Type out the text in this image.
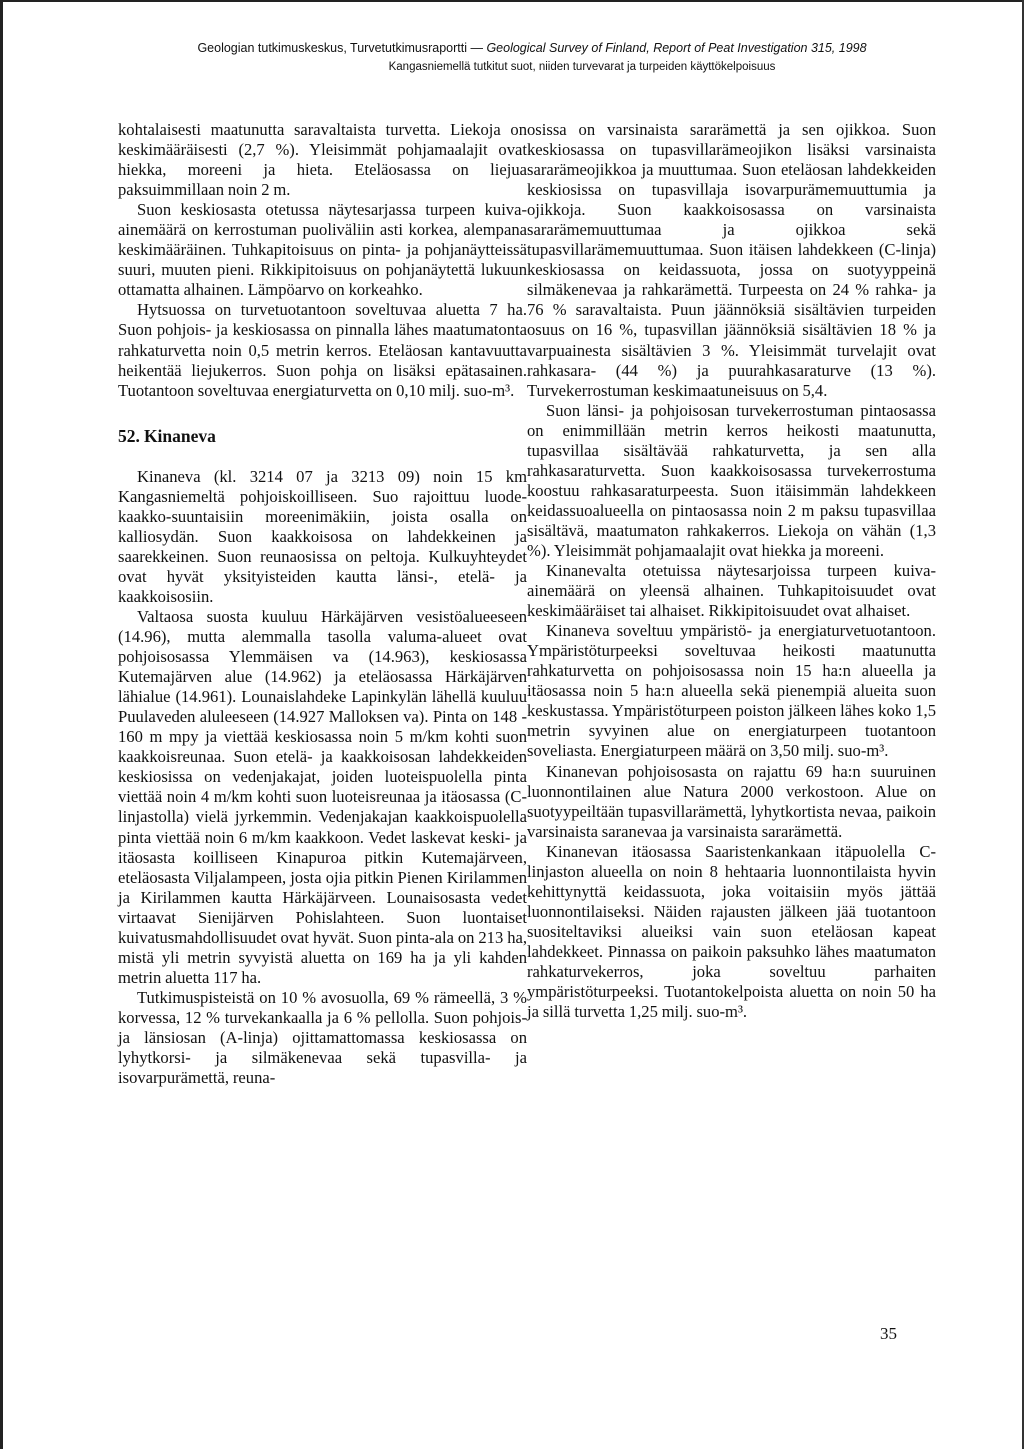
Geologian tutkimuskeskus, Turvetutkimusraportti — Geological Survey of Finland, Report of Peat Investigation 315, 1998
Kangasniemellä tutkitut suot, niiden turvevarat ja turpeiden käyttökelpoisuus

kohtalaisesti maatunutta saravaltaista turvetta. Liekoja on keskimääräisesti (2,7 %). Yleisimmät pohjamaalajit ovat hiekka, moreeni ja hieta. Eteläosassa on liejua paksuimmillaan noin 2 m.

Suon keskiosasta otetussa näytesarjassa turpeen kuiva-ainemäärä on kerrostuman puoliväliin asti korkea, alempana keskimääräinen. Tuhkapitoisuus on pinta- ja pohjanäytteissä suuri, muuten pieni. Rikkipitoisuus on pohjanäytettä lukuun ottamatta alhainen. Lämpöarvo on korkeahko.

Hytsuossa on turvetuotantoon soveltuvaa aluetta 7 ha. Suon pohjois- ja keskiosassa on pinnalla lähes maatumatonta rahkaturvetta noin 0,5 metrin kerros. Eteläosan kantavuutta heikentää liejukerros. Suon pohja on lisäksi epätasainen. Tuotantoon soveltuvaa energiaturvetta on 0,10 milj. suo-m³.

52. Kinaneva

Kinaneva (kl. 3214 07 ja 3213 09) noin 15 km Kangasniemeltä pohjoiskoilliseen. Suo rajoittuu luode-kaakko-suuntaisiin moreenimäkiin, joista osalla on kalliosydän. Suon kaakkoisosa on lahdekkeinen ja saarekkeinen. Suon reunaosissa on peltoja. Kulkuyhteydet ovat hyvät yksityisteiden kautta länsi-, etelä- ja kaakkoisosiin.

Valtaosa suosta kuuluu Härkäjärven vesistöalueeseen (14.96), mutta alemmalla tasolla valuma-alueet ovat pohjoisosassa Ylemmäisen va (14.963), keskiosassa Kutemajärven alue (14.962) ja eteläosassa Härkäjärven lähialue (14.961). Lounaislahdeke Lapinkylän lähellä kuuluu Puulaveden aluleeseen (14.927 Malloksen va). Pinta on 148 - 160 m mpy ja viettää keskiosassa noin 5 m/km kohti suon kaakkoisreunaa. Suon etelä- ja kaakkoisosan lahdekkeiden keskiosissa on vedenjakajat, joiden luoteispuolella pinta viettää noin 4 m/km kohti suon luoteisreunaa ja itäosassa (C-linjastolla) vielä jyrkemmin. Vedenjakajan kaakkoispuolella pinta viettää noin 6 m/km kaakkoon. Vedet laskevat keski- ja itäosasta koilliseen Kinapuroa pitkin Kutemajärveen, eteläosasta Viljalampeen, josta ojia pitkin Pienen Kirilammen ja Kirilammen kautta Härkäjärveen. Lounaisosasta vedet virtaavat Sienijärven Pohislahteen. Suon luontaiset kuivatusmahdollisuudet ovat hyvät. Suon pinta-ala on 213 ha, mistä yli metrin syvyistä aluetta on 169 ha ja yli kahden metrin aluetta 117 ha.

Tutkimuspisteistä on 10 % avosuolla, 69 % rämeellä, 3 % korvessa, 12 % turvekankaalla ja 6 % pellolla. Suon pohjois- ja länsiosan (A-linja) ojittamattomassa keskiosassa on lyhytkorsi- ja silmäkenevaa sekä tupasvilla- ja isovarpurämettä, reuna-

osissa on varsinaista sararämettä ja sen ojikkoa. Suon keskiosassa on tupasvillarämeojikon lisäksi varsinaista sararämeojikkoa ja muuttumaa. Suon eteläosan lahdekkeiden keskiosissa on tupasvillaja isovarpurämemuuttumia ja ojikkoja. Suon kaakkoisosassa on varsinaista sararämemuuttumaa ja ojikkoa sekä tupasvillarämemuuttumaa. Suon itäisen lahdekkeen (C-linja) keskiosassa on keidassuota, jossa on suotyyppeinä silmäkenevaa ja rahkarämettä. Turpeesta on 24 % rahka- ja 76 % saravaltaista. Puun jäännöksiä sisältävien turpeiden osuus on 16 %, tupasvillan jäännöksiä sisältävien 18 % ja varpuainesta sisältävien 3 %. Yleisimmät turvelajit ovat rahkasara- (44 %) ja puurahkasaraturve (13 %). Turvekerrostuman keskimaatuneisuus on 5,4.

Suon länsi- ja pohjoisosan turvekerrostuman pintaosassa on enimmillään metrin kerros heikosti maatunutta, tupasvillaa sisältävää rahkaturvetta, ja sen alla rahkasaraturvetta. Suon kaakkoisosassa turvekerrostuma koostuu rahkasaraturpeesta. Suon itäisimmän lahdekkeen keidassuoalueella on pintaosassa noin 2 m paksu tupasvillaa sisältävä, maatumaton rahkakerros. Liekoja on vähän (1,3 %). Yleisimmät pohjamaalajit ovat hiekka ja moreeni.

Kinanevalta otetuissa näytesarjoissa turpeen kuiva-ainemäärä on yleensä alhainen. Tuhkapitoisuudet ovat keskimääräiset tai alhaiset. Rikkipitoisuudet ovat alhaiset.

Kinaneva soveltuu ympäristö- ja energiaturvetuotantoon. Ympäristöturpeeksi soveltuvaa heikosti maatunutta rahkaturvetta on pohjoisosassa noin 15 ha:n alueella ja itäosassa noin 5 ha:n alueella sekä pienempiä alueita suon keskustassa. Ympäristöturpeen poiston jälkeen lähes koko 1,5 metrin syvyinen alue on energiaturpeen tuotantoon soveliasta. Energiaturpeen määrä on 3,50 milj. suo-m³.

Kinanevan pohjoisosasta on rajattu 69 ha:n suuruinen luonnontilainen alue Natura 2000 verkostoon. Alue on suotyypeiltään tupasvillarämettä, lyhytkortista nevaa, paikoin varsinaista saranevaa ja varsinaista sararämettä.

Kinanevan itäosassa Saaristenkankaan itäpuolella C-linjaston alueella on noin 8 hehtaaria luonnontilaista hyvin kehittynyttä keidassuota, joka voitaisiin myös jättää luonnontilaiseksi. Näiden rajausten jälkeen jää tuotantoon suositeltaviksi alueiksi vain suon eteläosan kapeat lahdekkeet. Pinnassa on paikoin paksuhko lähes maatumaton rahkaturvekerros, joka soveltuu parhaiten ympäristöturpeeksi. Tuotantokelpoista aluetta on noin 50 ha ja sillä turvetta 1,25 milj. suo-m³.

35
